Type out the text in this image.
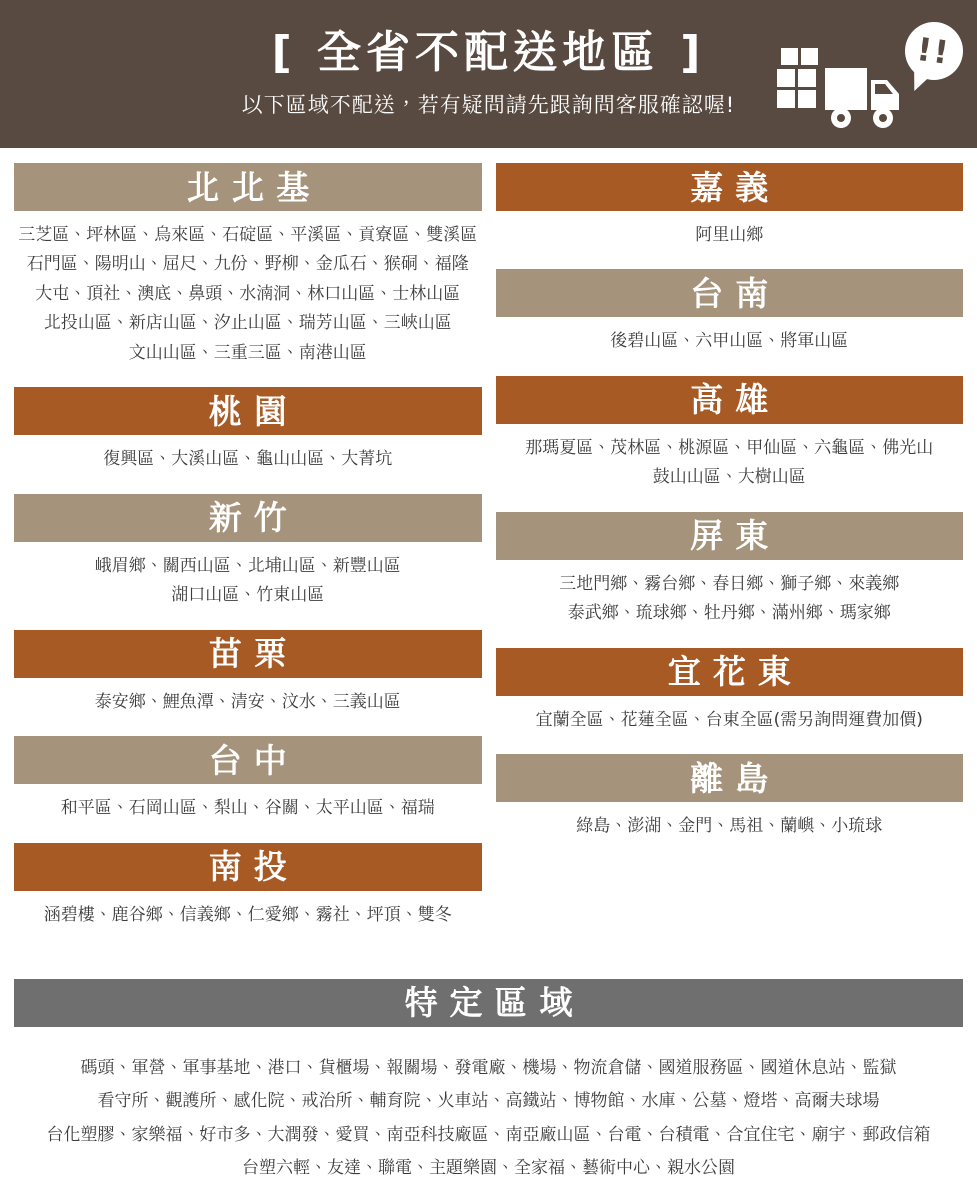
[ 全省不配送地區 ]

以下區域不配送，若有疑問請先跟詢問客服確認喔!

!!
北北基

三芝區、坪林區、烏來區、石碇區、平溪區、貢寮區、雙溪區

石門區、陽明山、屈尺、九份、野柳、金瓜石、猴硐、福隆

大屯、頂社、澳底、鼻頭、水湳洞、林口山區、士林山區

北投山區、新店山區、汐止山區、瑞芳山區、三峽山區

文山山區、三重三區、南港山區

桃園

復興區、大溪山區、龜山山區、大菁坑

新竹

峨眉鄉、關西山區、北埔山區、新豐山區

湖口山區、竹東山區

苗栗

泰安鄉、鯉魚潭、清安、汶水、三義山區

台中

和平區、石岡山區、梨山、谷關、太平山區、福瑞

南投

涵碧樓、鹿谷鄉、信義鄉、仁愛鄉、霧社、坪頂、雙冬

嘉義

阿里山鄉

台南

後碧山區、六甲山區、將軍山區

高雄

那瑪夏區、茂林區、桃源區、甲仙區、六龜區、佛光山

鼓山山區、大樹山區

屏東

三地門鄉、霧台鄉、春日鄉、獅子鄉、來義鄉

泰武鄉、琉球鄉、牡丹鄉、滿州鄉、瑪家鄉

宜花東

宜蘭全區、花蓮全區、台東全區(需另詢問運費加價)

離島

綠島、澎湖、金門、馬祖、蘭嶼、小琉球

特定區域

碼頭、軍營、軍事基地、港口、貨櫃場、報關場、發電廠、機場、物流倉儲、國道服務區、國道休息站、監獄

看守所、觀護所、感化院、戒治所、輔育院、火車站、高鐵站、博物館、水庫、公墓、燈塔、高爾夫球場

台化塑膠、家樂福、好市多、大潤發、愛買、南亞科技廠區、南亞廠山區、台電、台積電、合宜住宅、廟宇、郵政信箱

台塑六輕、友達、聯電、主題樂園、全家福、藝術中心、親水公園
